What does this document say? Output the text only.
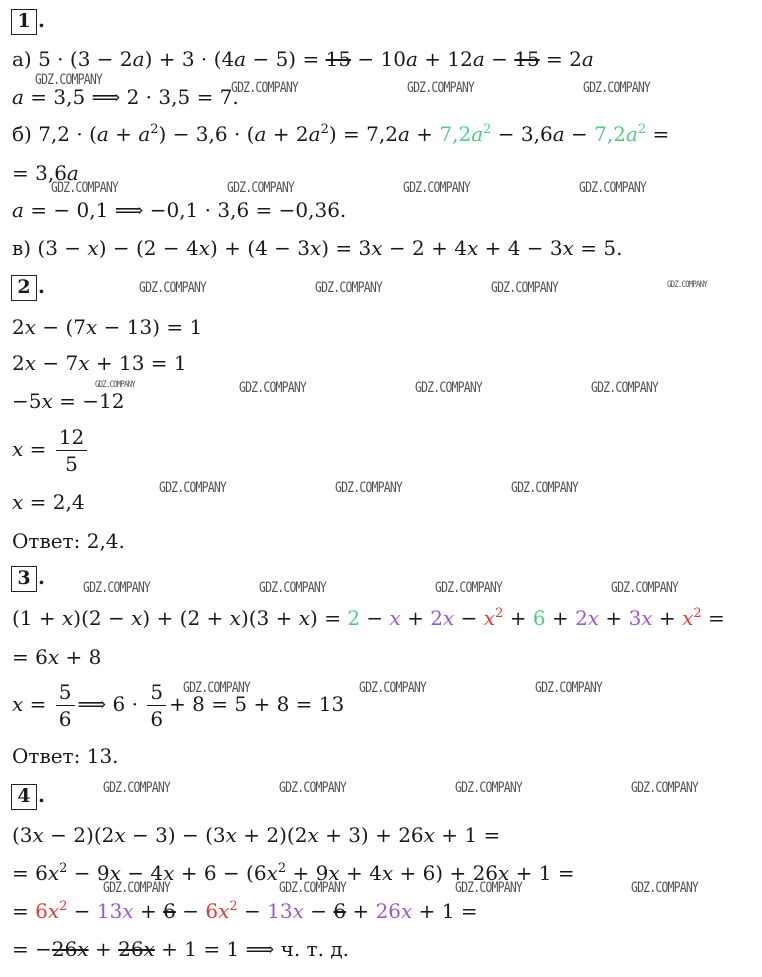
1 .
а) 5 · (3 − 2a) + 3 · (4a − 5) = 15 − 10a + 12a − 15 = 2a
a = 3,5 ⟹ 2 · 3,5 = 7.
б) $7,2 \cdot (a + a^2) - 3,6 \cdot (a + 2a^2) = 7,2a + 7,2a^2 - 3,6a - 7,2a^2$ =
= 3,6a
a = − 0,1 ⟹ −0,1 · 3,6 = −0,36.
в) (3 − x) − (2 − 4x) + (4 − 3x) = 3x − 2 + 4x + 4 − 3x = 5.
2 .
2x − (7x − 13) = 1
2x − 7x + 13 = 1
−5x = −12
$x = \frac{12}{5}$
x = 2,4
Ответ: 2,4.
3 .
$(1 + x)(2 - x) + (2 + x)(3 + x) = 2 - x + 2x - x^2 + 6 + 2x + 3x + x^2$ =
= 6x + 8
$x = \frac{5}{6}$ ⟹ $6 \cdot \frac{5}{6} + 8 = 5 + 8 = 13$
Ответ: 13.
4 .
(3x − 2)(2x − 3) − (3x + 2)(2x + 3) + 26x + 1 =
= $6x^2 - 9x - 4x + 6 - (6x^2 + 9x + 4x + 6) + 26x + 1$ =
= $6x^2 - 13x + 6 - 6x^2 - 13x - 6 + 26x + 1$ =
= −26x + 26x + 1 = 1 ⟹ ч. т. д.
GDZ.COMPANY	GDZ.COMPANY	GDZ.COMPANY	GDZ.COMPANY
GDZ.COMPANY	GDZ.COMPANY	GDZ.COMPANY	GDZ.COMPANY
GDZ.COMPANY	GDZ.COMPANY	GDZ.COMPANY	GDZ.COMPANY
GDZ.COMPANY	GDZ.COMPANY	GDZ.COMPANY	GDZ.COMPANY
GDZ.COMPANY	GDZ.COMPANY	GDZ.COMPANY
GDZ.COMPANY	GDZ.COMPANY	GDZ.COMPANY	GDZ.COMPANY
GDZ.COMPANY	GDZ.COMPANY	GDZ.COMPANY
GDZ.COMPANY	GDZ.COMPANY	GDZ.COMPANY	GDZ.COMPANY
GDZ.COMPANY	GDZ.COMPANY	GDZ.COMPANY	GDZ.COMPANY
